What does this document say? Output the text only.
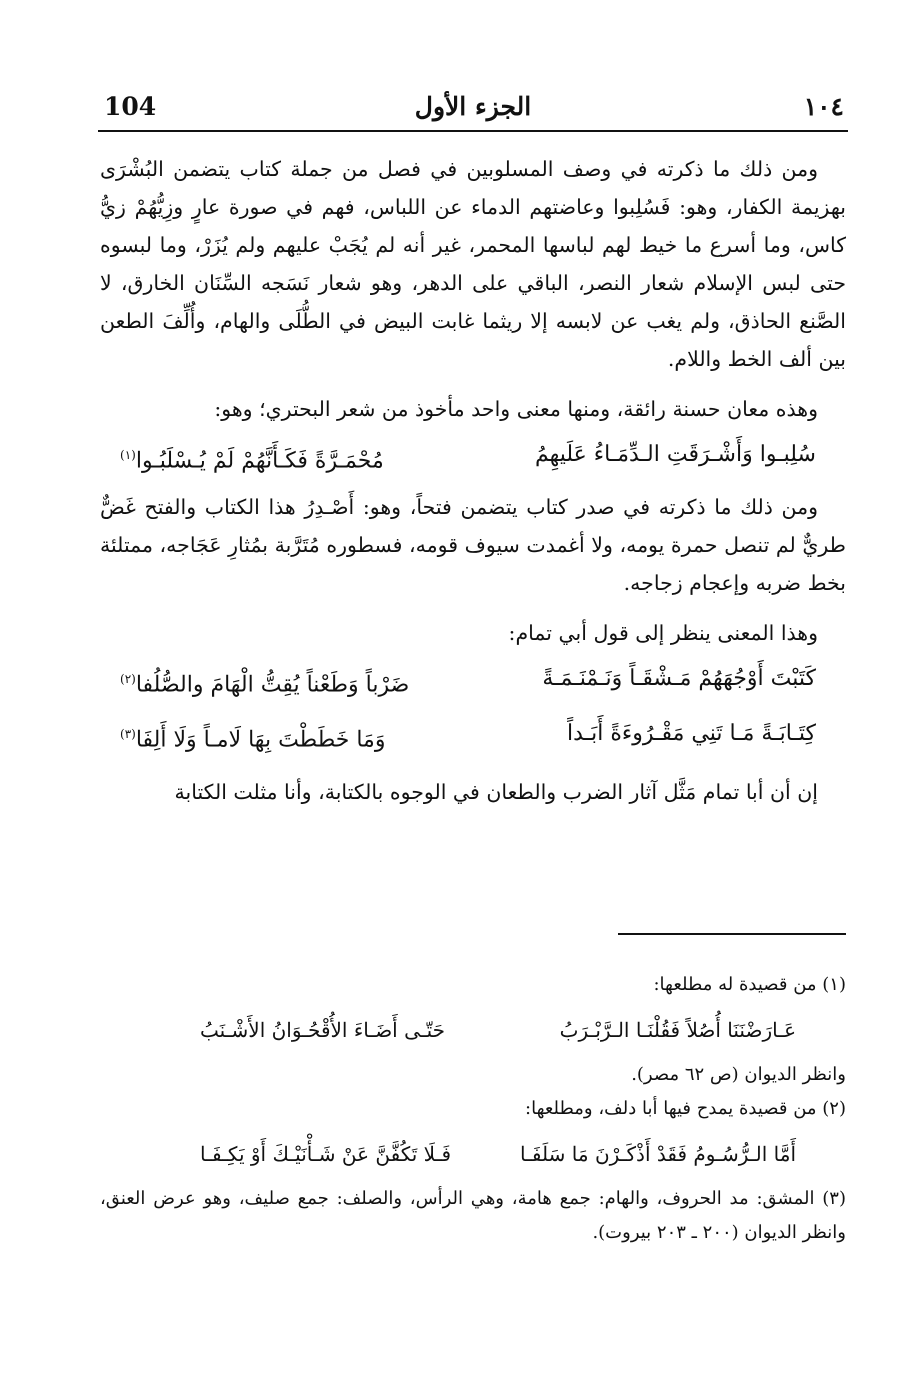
104	الجزء الأول	١٠٤

ومن ذلك ما ذكرته في وصف المسلوبين في فصل من جملة كتاب يتضمن البُشْرَى بهزيمة الكفار، وهو: فَسُلِبوا وعاضتهم الدماء عن اللباس، فهم في صورة عارٍ وزِيُّهُمْ زيُّ كاس، وما أسرع ما خيط لهم لباسها المحمر، غير أنه لم يُجَبْ عليهم ولم يُزَرْ، وما لبسوه حتى لبس الإسلام شعار النصر، الباقي على الدهر، وهو شعار نَسَجه السِّنَان الخارق، لا الصَّنع الحاذق، ولم يغب عن لابسه إلا ريثما غابت البيض في الطُّلَى والهام، وأُلِّفَ الطعن بين ألف الخط واللام.

وهذه معان حسنة رائقة، ومنها معنى واحد مأخوذ من شعر البحتري؛ وهو:

سُلِبـوا وَأَشْـرَقَتِ الـدِّمَـاءُ عَلَيهِمُ
مُحْمَـرَّةً فَكَـأَنَّهُمْ لَمْ يُـسْلَبُـوا$^{(١)}$

ومن ذلك ما ذكرته في صدر كتاب يتضمن فتحاً، وهو: أَصْـدِرُ هذا الكتاب والفتح غَضٌّ طريٌّ لم تنصل حمرة يومه، ولا أغمدت سيوف قومه، فسطوره مُتَرَّبة بمُثارِ عَجَاجه، ممتلئة بخط ضربه وإعجام زجاجه.

وهذا المعنى ينظر إلى قول أبي تمام:

كَتَبْتَ أَوْجُهَهُمْ مَـشْقَـاً وَنَـمْنَـمَـةً
ضَرْباً وَطَعْناً يُقِتُّ الْهَامَ والصُّلُفا$^{(٢)}$
كِتَـابَـةً مَـا تَنِي مَقْـرُوءَةً أَبَـداً
وَمَا خَطَطْتَ بِهَا لَامـاً وَلَا أَلِفَا$^{(٣)}$

إن أن أبا تمام مَثَّل آثار الضرب والطعان في الوجوه بالكتابة، وأنا مثلت الكتابة

(١) من قصيدة له مطلعها:

عَـارَضْنَنَا أُصُلاً فَقُلْنَـا الـرَّبْـرَبُ
حَتّـى أَضَـاءَ الأُقْحُـوَانُ الأَشْـنَبُ

وانظر الديوان (ص ٦٢ مصر).

(٢) من قصيدة يمدح فيها أبا دلف، ومطلعها:

أَمَّا الـرُّسُـومُ فَقَدْ أَذْكَـرْنَ مَا سَلَفَـا
فَـلَا تَكُفَّنَّ عَنْ شَـأْنَيْـكَ أَوْ يَكِـفَـا

(٣) المشق: مد الحروف، والهام: جمع هامة، وهي الرأس، والصلف: جمع صليف، وهو عرض العنق، وانظر الديوان (٢٠٠ ـ ٢٠٣ بيروت).
